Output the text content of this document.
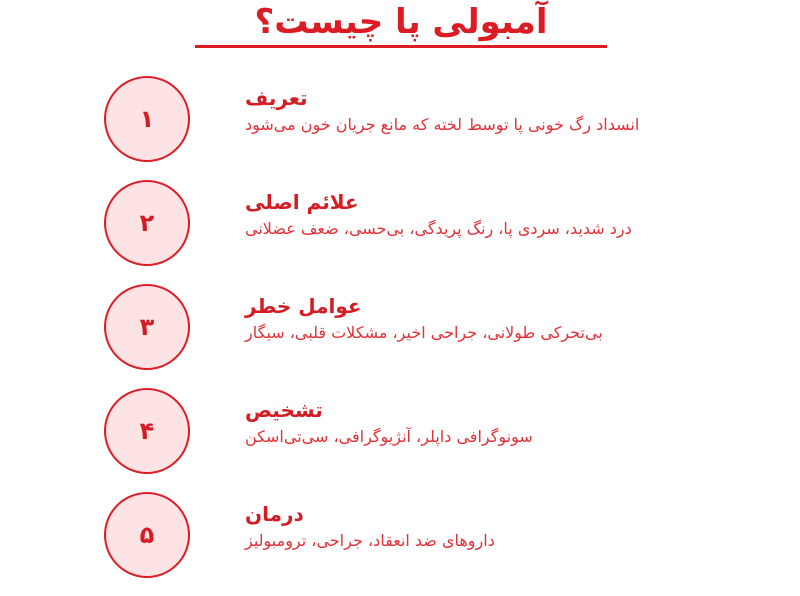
آمبولی پا چیست؟
۱
تعریف

انسداد رگ خونی پا توسط لخته که مانع جریان خون می‌شود

۲
علائم اصلی

درد شدید، سردی پا، رنگ پریدگی، بی‌حسی، ضعف عضلانی

۳
عوامل خطر

بی‌تحرکی طولانی، جراحی اخیر، مشکلات قلبی، سیگار

۴
تشخیص

سونوگرافی داپلر، آنژیوگرافی، سی‌تی‌اسکن

۵
درمان

داروهای ضد انعقاد، جراحی، ترومبولیز
